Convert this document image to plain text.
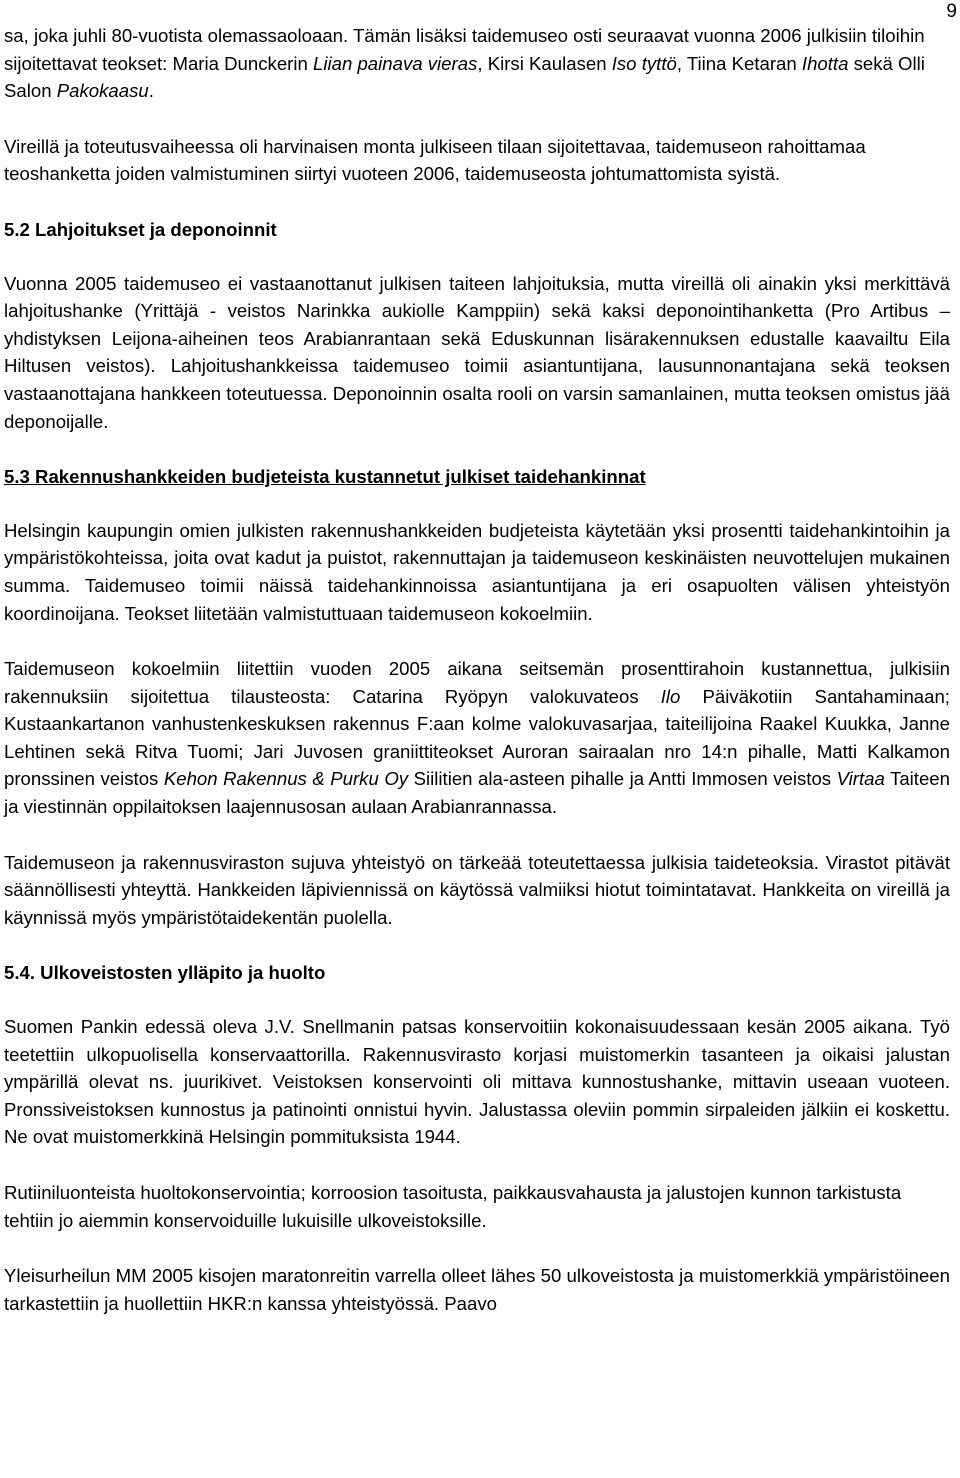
9

sa, joka juhli 80-vuotista olemassaoloaan. Tämän lisäksi taidemuseo osti seuraavat vuonna 2006 julkisiin tiloihin sijoitettavat teokset: Maria Dunckerin Liian painava vieras, Kirsi Kaulasen Iso tyttö, Tiina Ketaran Ihotta sekä Olli Salon Pakokaasu.

Vireillä ja toteutusvaiheessa oli harvinaisen monta julkiseen tilaan sijoitettavaa, taidemuseon rahoittamaa teoshanketta joiden valmistuminen siirtyi vuoteen 2006, taidemuseosta johtumattomista syistä.

5.2 Lahjoitukset ja deponoinnit

Vuonna 2005 taidemuseo ei vastaanottanut julkisen taiteen lahjoituksia, mutta vireillä oli ainakin yksi merkittävä lahjoitushanke (Yrittäjä - veistos Narinkka aukiolle Kamppiin) sekä kaksi deponointihanketta (Pro Artibus – yhdistyksen Leijona-aiheinen teos Arabianrantaan sekä Eduskunnan lisärakennuksen edustalle kaavailtu Eila Hiltusen veistos). Lahjoitushankkeissa taidemuseo toimii asiantuntijana, lausunnonantajana sekä teoksen vastaanottajana hankkeen toteutuessa. Deponoinnin osalta rooli on varsin samanlainen, mutta teoksen omistus jää deponoijalle.

5.3 Rakennushankkeiden budjeteista kustannetut julkiset taidehankinnat

Helsingin kaupungin omien julkisten rakennushankkeiden budjeteista käytetään yksi prosentti taidehankintoihin ja ympäristökohteissa, joita ovat kadut ja puistot, rakennuttajan ja taidemuseon keskinäisten neuvottelujen mukainen summa. Taidemuseo toimii näissä taidehankinnoissa asiantuntijana ja eri osapuolten välisen yhteistyön koordinoijana. Teokset liitetään valmistuttuaan taidemuseon kokoelmiin.

Taidemuseon kokoelmiin liitettiin vuoden 2005 aikana seitsemän prosenttirahoin kustannettua, julkisiin rakennuksiin sijoitettua tilausteosta: Catarina Ryöpyn valokuvateos Ilo Päiväkotiin Santahaminaan; Kustaankartanon vanhustenkeskuksen rakennus F:aan kolme valokuvasarjaa, taiteilijoina Raakel Kuukka, Janne Lehtinen sekä Ritva Tuomi; Jari Juvosen graniittiteokset Auroran sairaalan nro 14:n pihalle, Matti Kalkamon pronssinen veistos Kehon Rakennus & Purku Oy Siilitien ala-asteen pihalle ja Antti Immosen veistos Virtaa Taiteen ja viestinnän oppilaitoksen laajennusosan aulaan Arabianrannassa.

Taidemuseon ja rakennusviraston sujuva yhteistyö on tärkeää toteutettaessa julkisia taideteoksia. Virastot pitävät säännöllisesti yhteyttä. Hankkeiden läpiviennissä on käytössä valmiiksi hiotut toimintatavat. Hankkeita on vireillä ja käynnissä myös ympäristötaidekentän puolella.

5.4. Ulkoveistosten ylläpito ja huolto

Suomen Pankin edessä oleva J.V. Snellmanin patsas konservoitiin kokonaisuudessaan kesän 2005 aikana. Työ teetettiin ulkopuolisella konservaattorilla. Rakennusvirasto korjasi muistomerkin tasanteen ja oikaisi jalustan ympärillä olevat ns. juurikivet. Veistoksen konservointi oli mittava kunnostushanke, mittavin useaan vuoteen. Pronssiveistoksen kunnostus ja patinointi onnistui hyvin. Jalustassa oleviin pommin sirpaleiden jälkiin ei koskettu. Ne ovat muistomerkkinä Helsingin pommituksista 1944.

Rutiiniluonteista huoltokonservointia; korroosion tasoitusta, paikkausvahausta ja jalustojen kunnon tarkistusta tehtiin jo aiemmin konservoiduille lukuisille ulkoveistoksille.

Yleisurheilun MM 2005 kisojen maratonreitin varrella olleet lähes 50 ulkoveistosta ja muistomerkkiä ympäristöineen tarkastettiin ja huollettiin HKR:n kanssa yhteistyössä. Paavo
